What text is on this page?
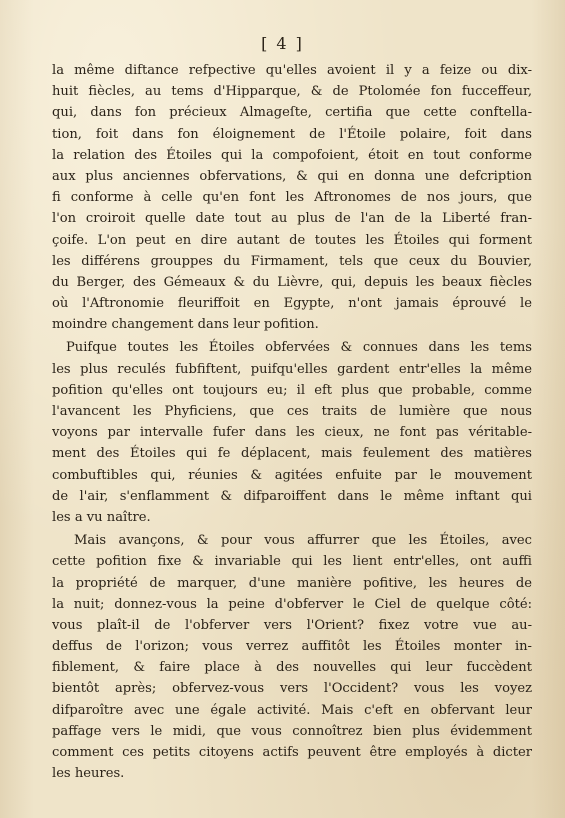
[ 4 ]
la même diftance refpective qu'elles avoient il y a feize ou dix-
huit fiècles, au tems d'Hipparque, & de Ptolomée fon fucceffeur,
qui, dans fon précieux Almageſte, certifia que cette conftella-
tion, foit dans fon éloignement de l'Étoile polaire, foit dans
la relation des Étoiles qui la compofoient, étoit en tout conforme
aux plus anciennes obfervations, & qui en donna une defcription
fi conforme à celle qu'en font les Aftronomes de nos jours, que
l'on croiroit quelle date tout au plus de l'an de la Liberté fran-
çoife. L'on peut en dire autant de toutes les Étoiles qui forment
les différens grouppes du Firmament, tels que ceux du Bouvier,
du Berger, des Gémeaux & du Lièvre, qui, depuis les beaux fiècles
où l'Aftronomie fleuriffoit en Egypte, n'ont jamais éprouvé le
moindre changement dans leur pofition.
Puifque toutes les Étoiles obfervées & connues dans les tems
les plus reculés fubfiftent, puifqu'elles gardent entr'elles la même
pofition qu'elles ont toujours eu; il eft plus que probable, comme
l'avancent les Phyficiens, que ces traits de lumière que nous
voyons par intervalle fufer dans les cieux, ne font pas véritable-
ment des Étoiles qui fe déplacent, mais feulement des matières
combuftibles qui, réunies & agitées enfuite par le mouvement
de l'air, s'enflamment & difparoiffent dans le même inftant qui
les a vu naître.
Mais avançons, & pour vous affurrer que les Étoiles, avec
cette pofition fixe & invariable qui les lient entr'elles, ont auffi
la propriété de marquer, d'une manière pofitive, les heures de
la nuit; donnez-vous la peine d'obferver le Ciel de quelque côté:
vous plaît-il de l'obferver vers l'Orient? fixez votre vue au-
deffus de l'orizon; vous verrez auffitôt les Étoiles monter in-
fiblement, & faire place à des nouvelles qui leur fuccèdent
bientôt après; obfervez-vous vers l'Occident? vous les voyez
difparoître avec une égale activité. Mais c'eft en obfervant leur
paffage vers le midi, que vous connoîtrez bien plus évidemment
comment ces petits citoyens actifs peuvent être employés à dicter
les heures.
